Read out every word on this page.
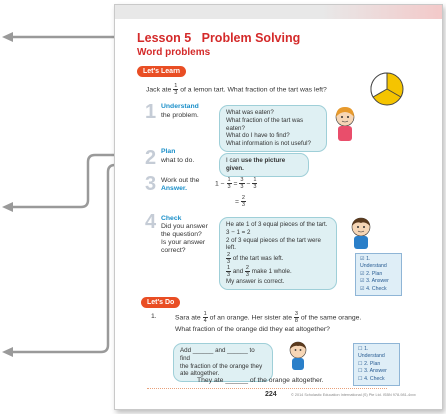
Lesson 5 Problem Solving
Word problems
Let's Learn
Jack ate $\frac{1}{3}$ of a lemon tart. What fraction of the tart was left?
1 Understand
the problem.	What was eaten?
What fraction of the tart was eaten?
What do I have to find?
What information is not useful?
2 Plan
what to do.	I can use the picture given.
3 Work out the
Answer.
$1 - \frac{1}{3} = \frac{3}{3} - \frac{1}{3}$
= $\frac{2}{3}$
4 Check
Did you answer
the question?
Is your answer
correct?
He ate 1 of 3 equal pieces of the tart.
3 − 1 = 2
2 of 3 equal pieces of the tart were left.
$\frac{2}{3}$ of the tart was left.
$\frac{1}{3}$ and $\frac{2}{3}$ make 1 whole.
My answer is correct.
☑ 1. Understand
☑ 2. Plan
☑ 3. Answer
☑ 4. Check
Let's Do
1.	Sara ate $\frac{1}{4}$ of an orange. Her sister ate $\frac{3}{8}$ of the same orange.
What fraction of the orange did they eat altogether?
Add ______ and ______ to find
the fraction of the orange they
ate altogether.
☐ 1. Understand
☐ 2. Plan
☐ 3. Answer
☐ 4. Check
They ate ______ of the orange altogether.
224	© 2014 Scholastic Education International (S) Pte Ltd. ISBN 978-981-4xxx
